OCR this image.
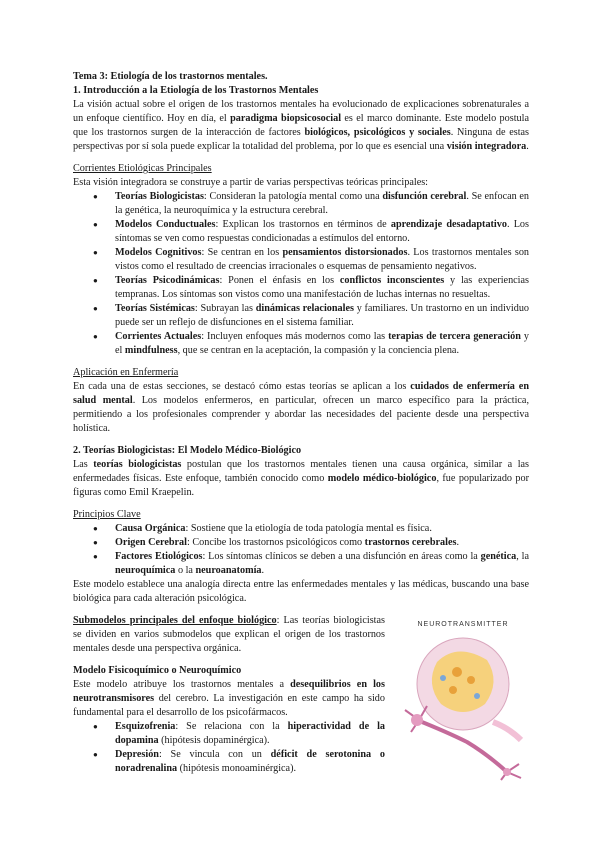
Tema 3: Etiología de los trastornos mentales.

1. Introducción a la Etiología de los Trastornos Mentales

La visión actual sobre el origen de los trastornos mentales ha evolucionado de explicaciones sobrenaturales a un enfoque científico. Hoy en día, el paradigma biopsicosocial es el marco dominante. Este modelo postula que los trastornos surgen de la interacción de factores biológicos, psicológicos y sociales. Ninguna de estas perspectivas por sí sola puede explicar la totalidad del problema, por lo que es esencial una visión integradora.

Corrientes Etiológicas Principales

Esta visión integradora se construye a partir de varias perspectivas teóricas principales:

● Teorías Biologicistas: Consideran la patología mental como una disfunción cerebral. Se enfocan en la genética, la neuroquímica y la estructura cerebral.
● Modelos Conductuales: Explican los trastornos en términos de aprendizaje desadaptativo. Los síntomas se ven como respuestas condicionadas a estímulos del entorno.
● Modelos Cognitivos: Se centran en los pensamientos distorsionados. Los trastornos mentales son vistos como el resultado de creencias irracionales o esquemas de pensamiento negativos.
● Teorías Psicodinámicas: Ponen el énfasis en los conflictos inconscientes y las experiencias tempranas. Los síntomas son vistos como una manifestación de luchas internas no resueltas.
● Teorías Sistémicas: Subrayan las dinámicas relacionales y familiares. Un trastorno en un individuo puede ser un reflejo de disfunciones en el sistema familiar.
● Corrientes Actuales: Incluyen enfoques más modernos como las terapias de tercera generación y el mindfulness, que se centran en la aceptación, la compasión y la conciencia plena.

Aplicación en Enfermería

En cada una de estas secciones, se destacó cómo estas teorías se aplican a los cuidados de enfermería en salud mental. Los modelos enfermeros, en particular, ofrecen un marco específico para la práctica, permitiendo a los profesionales comprender y abordar las necesidades del paciente desde una perspectiva holística.

2. Teorías Biologicistas: El Modelo Médico-Biológico

Las teorías biologicistas postulan que los trastornos mentales tienen una causa orgánica, similar a las enfermedades físicas. Este enfoque, también conocido como modelo médico-biológico, fue popularizado por figuras como Emil Kraepelin.

Principios Clave

● Causa Orgánica: Sostiene que la etiología de toda patología mental es física.
● Origen Cerebral: Concibe los trastornos psicológicos como trastornos cerebrales.
● Factores Etiológicos: Los síntomas clínicos se deben a una disfunción en áreas como la genética, la neuroquímica o la neuroanatomía.

Este modelo establece una analogía directa entre las enfermedades mentales y las médicas, buscando una base biológica para cada alteración psicológica.

Submodelos principales del enfoque biológico: Las teorías biologicistas se dividen en varios submodelos que explican el origen de los trastornos mentales desde una perspectiva orgánica.

Modelo Fisicoquímico o Neuroquímico

Este modelo atribuye los trastornos mentales a desequilibrios en los neurotransmisores del cerebro. La investigación en este campo ha sido fundamental para el desarrollo de los psicofármacos.

● Esquizofrenia: Se relaciona con la hiperactividad de la dopamina (hipótesis dopaminérgica).
● Depresión: Se vincula con un déficit de serotonina o noradrenalina (hipótesis monoaminérgica).
NEUROTRANSMITTER
